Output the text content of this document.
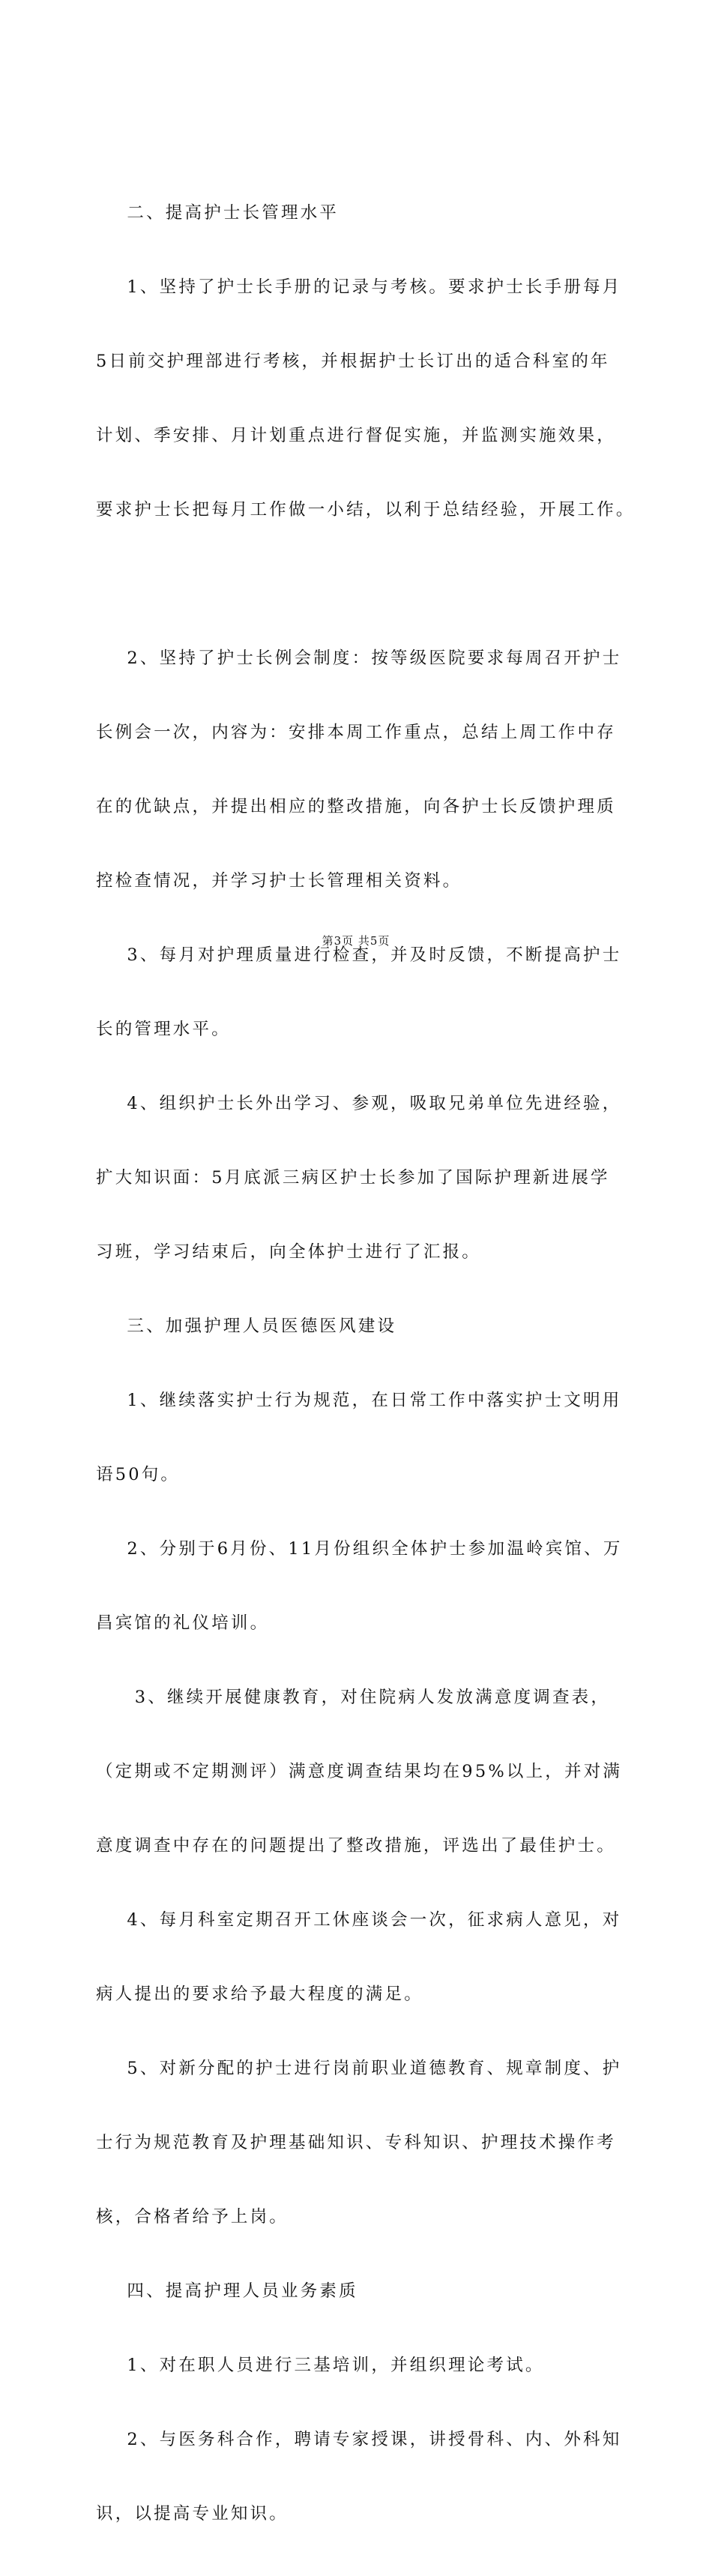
二、提高护士长管理水平

1、坚持了护士长手册的记录与考核。要求护士长手册每月

5日前交护理部进行考核，并根据护士长订出的适合科室的年

计划、季安排、月计划重点进行督促实施，并监测实施效果，

要求护士长把每月工作做一小结，以利于总结经验，开展工作。

2、坚持了护士长例会制度：按等级医院要求每周召开护士

长例会一次，内容为：安排本周工作重点，总结上周工作中存

在的优缺点，并提出相应的整改措施，向各护士长反馈护理质

控检查情况，并学习护士长管理相关资料。

3、每月对护理质量进行检查，并及时反馈，不断提高护士

长的管理水平。

4、组织护士长外出学习、参观，吸取兄弟单位先进经验，

扩大知识面：5月底派三病区护士长参加了国际护理新进展学

习班，学习结束后，向全体护士进行了汇报。

三、加强护理人员医德医风建设

1、继续落实护士行为规范，在日常工作中落实护士文明用

语50句。

2、分别于6月份、11月份组织全体护士参加温岭宾馆、万

昌宾馆的礼仪培训。

3、继续开展健康教育，对住院病人发放满意度调查表，

（定期或不定期测评）满意度调查结果均在95%以上，并对满

意度调查中存在的问题提出了整改措施，评选出了最佳护士。

4、每月科室定期召开工休座谈会一次，征求病人意见，对

病人提出的要求给予最大程度的满足。

5、对新分配的护士进行岗前职业道德教育、规章制度、护

士行为规范教育及护理基础知识、专科知识、护理技术操作考

核，合格者给予上岗。

四、提高护理人员业务素质

1、对在职人员进行三基培训，并组织理论考试。

2、与医务科合作，聘请专家授课，讲授骨科、内、外科知

识，以提高专业知识。

第3页 共5页
